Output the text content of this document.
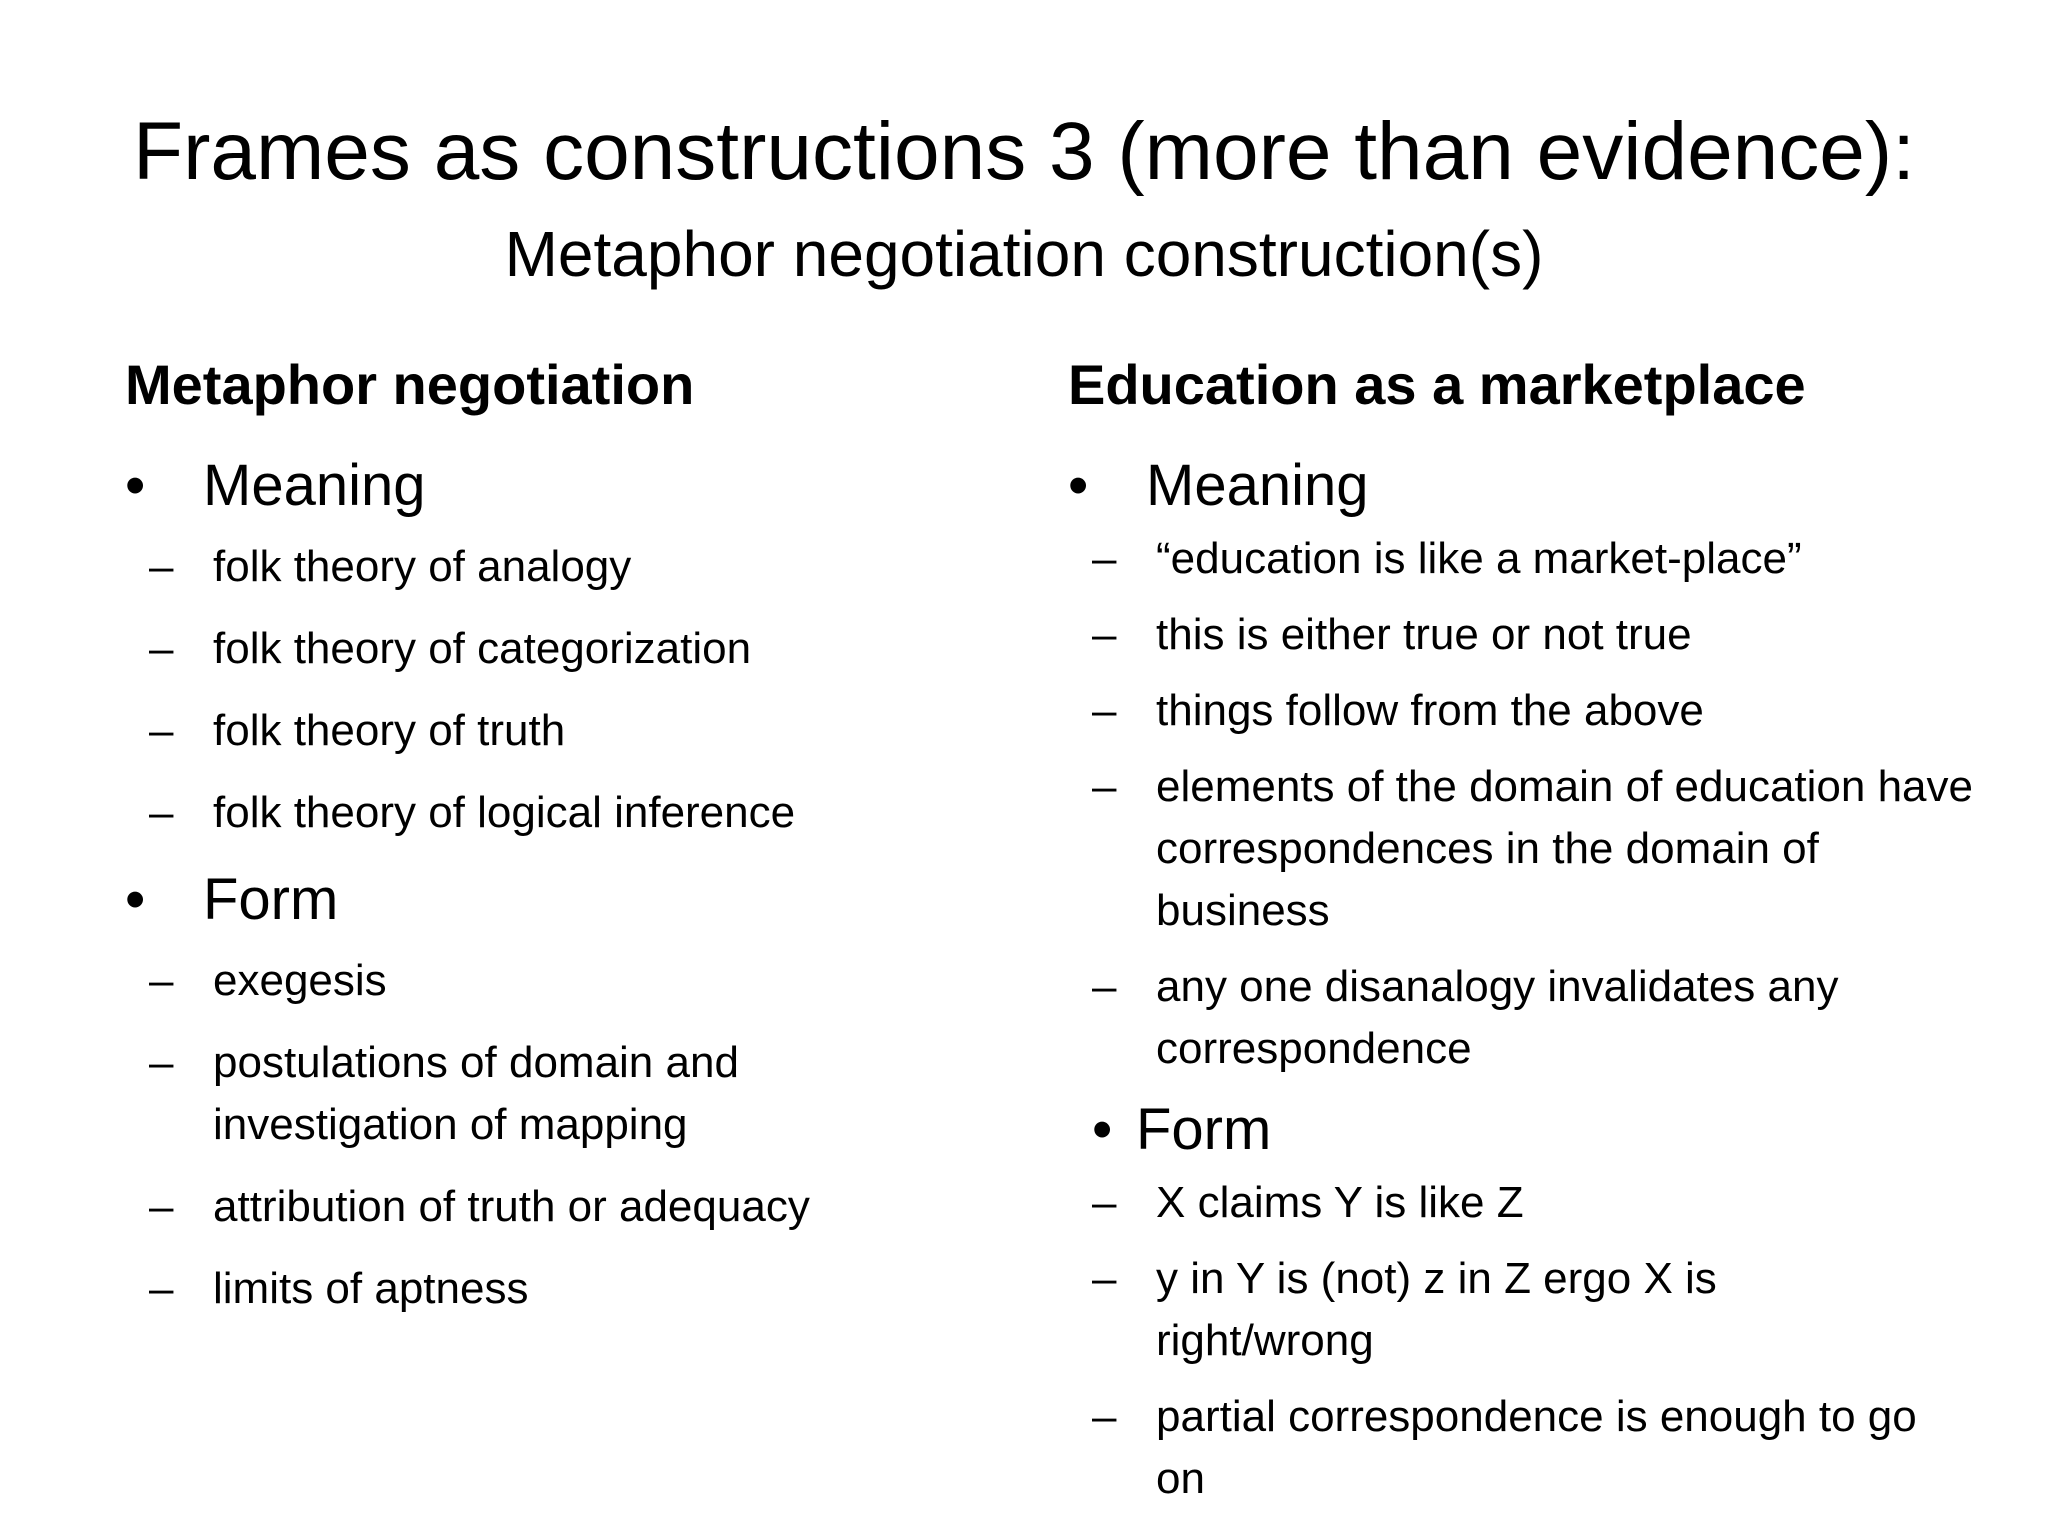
Frames as constructions 3 (more than evidence):
Metaphor negotiation construction(s)
Metaphor negotiation
• Meaning
– folk theory of analogy
– folk theory of categorization
– folk theory of truth
– folk theory of logical inference
• Form
– exegesis
– postulations of domain and investigation of mapping
– attribution of truth or adequacy
– limits of aptness
Education as a marketplace
• Meaning
– “education is like a market-place”
– this is either true or not true
– things follow from the above
– elements of the domain of education have correspondences in the domain of business
– any one disanalogy invalidates any correspondence
• Form
– X claims Y is like Z
– y in Y is (not) z in Z ergo X is right/wrong
– partial correspondence is enough to go on
